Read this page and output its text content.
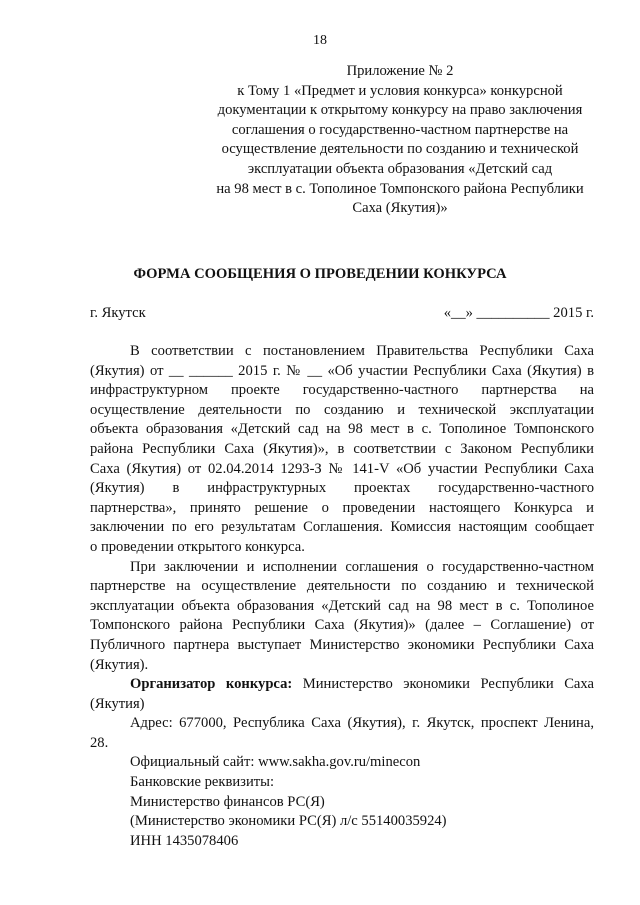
18
Приложение № 2
к Тому 1 «Предмет и условия конкурса» конкурсной
документации к открытому конкурсу на право заключения
соглашения о государственно-частном партнерстве на
осуществление деятельности по созданию и технической
эксплуатации объекта образования «Детский сад
на 98 мест в с. Тополиное Томпонского района Республики
Саха (Якутия)»
ФОРМА СООБЩЕНИЯ О ПРОВЕДЕНИИ КОНКУРСА
г. Якутск	«__» __________ 2015 г.
В соответствии с постановлением Правительства Республики Саха
(Якутия) от __ ______ 2015 г. № __ «Об участии Республики Саха (Якутия) в
инфраструктурном проекте государственно-частного партнерства на
осуществление деятельности по созданию и технической эксплуатации
объекта образования «Детский сад на 98 мест в с. Тополиное Томпонского
района Республики Саха (Якутия)», в соответствии с Законом Республики
Саха (Якутия) от 02.04.2014 1293-З № 141-V «Об участии Республики Саха
(Якутия) в инфраструктурных проектах государственно-частного
партнерства», принято решение о проведении настоящего Конкурса и
заключении по его результатам Соглашения. Комиссия настоящим сообщает
о проведении открытого конкурса.
При заключении и исполнении соглашения о государственно-частном
партнерстве на осуществление деятельности по созданию и технической
эксплуатации объекта образования «Детский сад на 98 мест в с. Тополиное
Томпонского района Республики Саха (Якутия)» (далее – Соглашение) от
Публичного партнера выступает Министерство экономики Республики Саха
(Якутия).
Организатор конкурса: Министерство экономики Республики Саха
(Якутия)
Адрес: 677000, Республика Саха (Якутия), г. Якутск, проспект Ленина,
28.
Официальный сайт: www.sakha.gov.ru/minecon
Банковские реквизиты:
Министерство финансов РС(Я)
(Министерство экономики РС(Я) л/с 55140035924)
ИНН 1435078406
